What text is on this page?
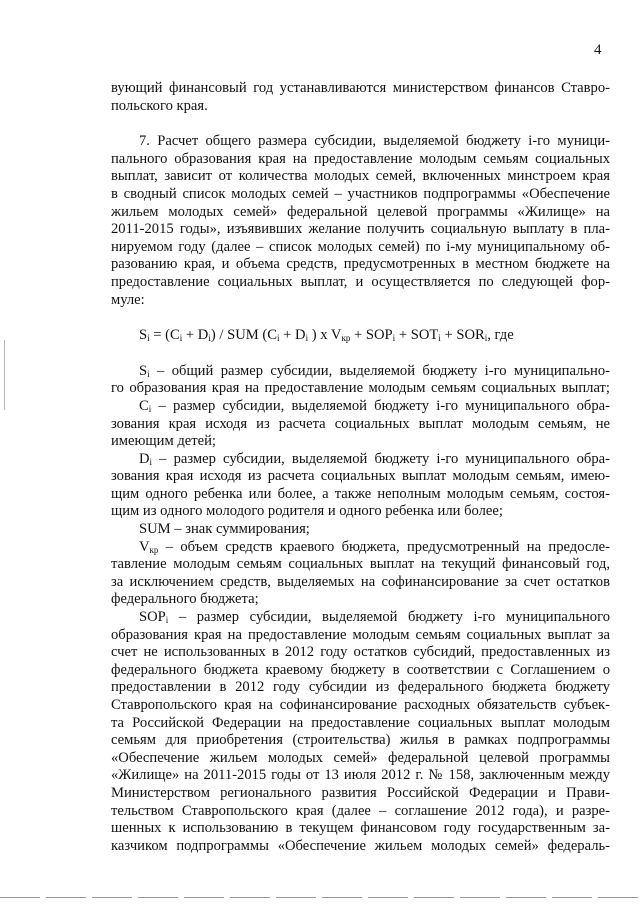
4
вующий финансовый год устанавливаются министерством финансов Ставро-
польского края.
7. Расчет общего размера субсидии, выделяемой бюджету i-го муници-
пального образования края на предоставление молодым семьям социальных
выплат, зависит от количества молодых семей, включенных минстроем края
в сводный список молодых семей – участников подпрограммы «Обеспечение
жильем молодых семей» федеральной целевой программы «Жилище» на
2011-2015 годы», изъявивших желание получить социальную выплату в пла-
нируемом году (далее – список молодых семей) по i-му муниципальному об-
разованию края, и объема средств, предусмотренных в местном бюджете на
предоставление социальных выплат, и осуществляется по следующей фор-
муле:
$S_i = (C_i + D_i)$ / SUM ($C_i + D_i$ ) x $V_{кр} + SOP_i + SOT_i + SOR_i$, где
$S_i$ – общий размер субсидии, выделяемой бюджету i-го муниципально-
го образования края на предоставление молодым семьям социальных выплат;
$C_i$ – размер субсидии, выделяемой бюджету i-го муниципального обра-
зования края исходя из расчета социальных выплат молодым семьям, не
имеющим детей;
$D_i$ – размер субсидии, выделяемой бюджету i-го муниципального обра-
зования края исходя из расчета социальных выплат молодым семьям, имею-
щим одного ребенка или более, а также неполным молодым семьям, состоя-
щим из одного молодого родителя и одного ребенка или более;
SUM – знак суммирования;
$V_{кр}$ – объем средств краевого бюджета, предусмотренный на предосле-
тавление молодым семьям социальных выплат на текущий финансовый год,
за исключением средств, выделяемых на софинансирование за счет остатков
федерального бюджета;
$SOP_i$ – размер субсидии, выделяемой бюджету i-го муниципального
образования края на предоставление молодым семьям социальных выплат за
счет не использованных в 2012 году остатков субсидий, предоставленных из
федерального бюджета краевому бюджету в соответствии с Соглашением о
предоставлении в 2012 году субсидии из федерального бюджета бюджету
Ставропольского края на софинансирование расходных обязательств субъек-
та Российской Федерации на предоставление социальных выплат молодым
семьям для приобретения (строительства) жилья в рамках подпрограммы
«Обеспечение жильем молодых семей» федеральной целевой программы
«Жилище» на 2011-2015 годы от 13 июля 2012 г. № 158, заключенным между
Министерством регионального развития Российской Федерации и Прави-
тельством Ставропольского края (далее – соглашение 2012 года), и разре-
шенных к использованию в текущем финансовом году государственным за-
казчиком подпрограммы «Обеспечение жильем молодых семей» федераль-
